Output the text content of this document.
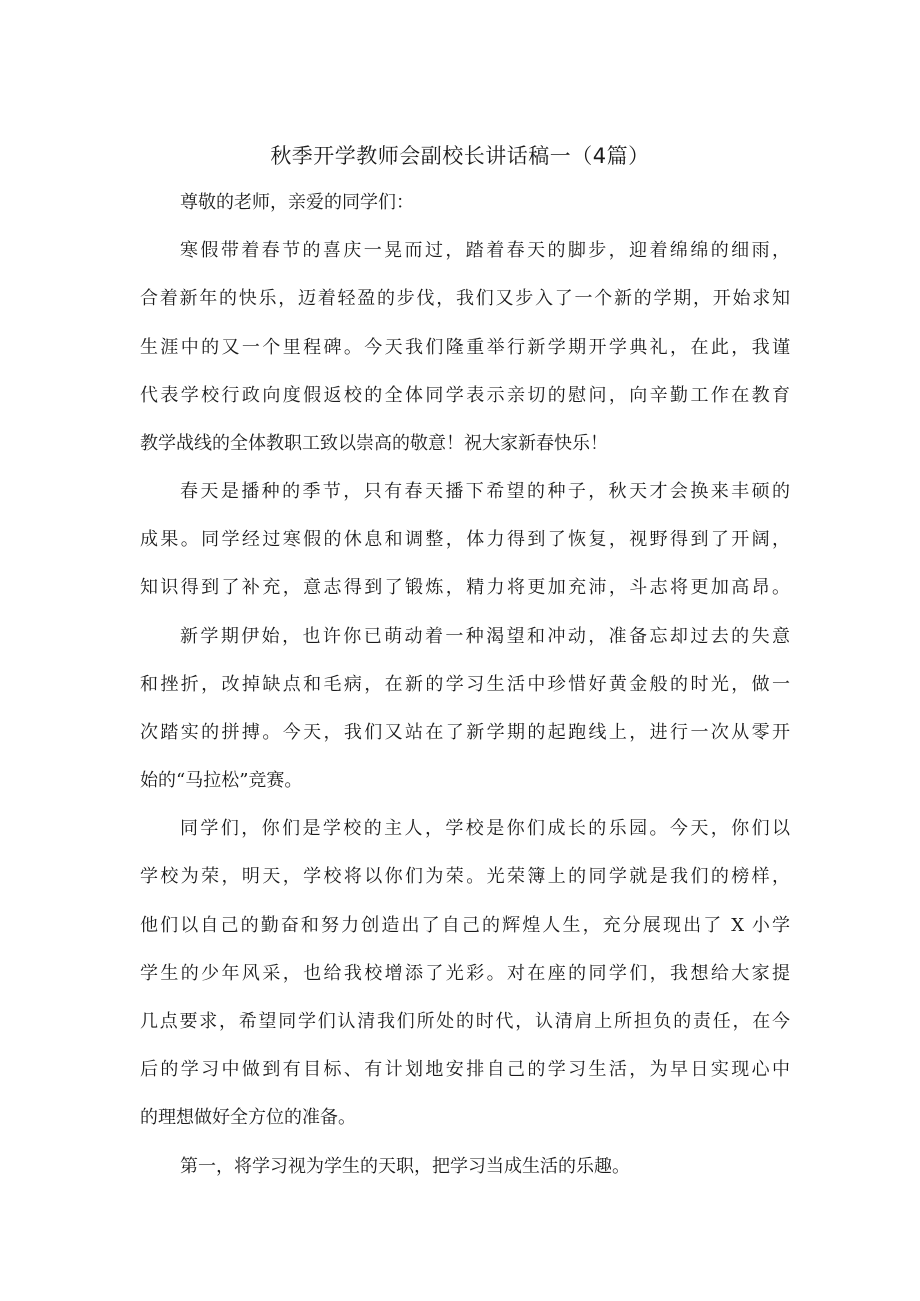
秋季开学教师会副校长讲话稿一（4篇）

尊敬的老师，亲爱的同学们：

寒假带着春节的喜庆一晃而过，踏着春天的脚步，迎着绵绵的细雨，

合着新年的快乐，迈着轻盈的步伐，我们又步入了一个新的学期，开始求知

生涯中的又一个里程碑。今天我们隆重举行新学期开学典礼，在此，我谨

代表学校行政向度假返校的全体同学表示亲切的慰问，向辛勤工作在教育

教学战线的全体教职工致以崇高的敬意！祝大家新春快乐！

春天是播种的季节，只有春天播下希望的种子，秋天才会换来丰硕的

成果。同学经过寒假的休息和调整，体力得到了恢复，视野得到了开阔，

知识得到了补充，意志得到了锻炼，精力将更加充沛，斗志将更加高昂。

新学期伊始，也许你已萌动着一种渴望和冲动，准备忘却过去的失意

和挫折，改掉缺点和毛病，在新的学习生活中珍惜好黄金般的时光，做一

次踏实的拼搏。今天，我们又站在了新学期的起跑线上，进行一次从零开

始的“马拉松”竞赛。

同学们，你们是学校的主人，学校是你们成长的乐园。今天，你们以

学校为荣，明天，学校将以你们为荣。光荣簿上的同学就是我们的榜样，

他们以自己的勤奋和努力创造出了自己的辉煌人生，充分展现出了 X 小学

学生的少年风采，也给我校增添了光彩。对在座的同学们，我想给大家提

几点要求，希望同学们认清我们所处的时代，认清肩上所担负的责任，在今

后的学习中做到有目标、有计划地安排自己的学习生活，为早日实现心中

的理想做好全方位的准备。

第一，将学习视为学生的天职，把学习当成生活的乐趣。
